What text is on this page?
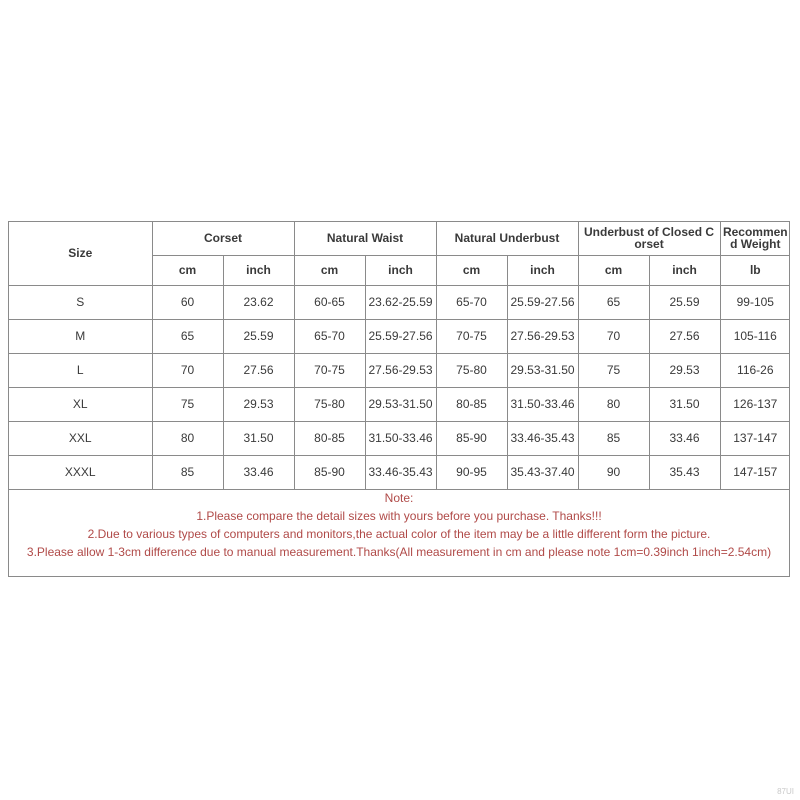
Size	Corset		Natural Waist		Natural Underbust		Underbust of Closed Corset		Recommend Weight
	cm	inch	cm	inch	cm	inch	cm	inch	lb
S	60	23.62	60-65	23.62-25.59	65-70	25.59-27.56	65	25.59	99-105
M	65	25.59	65-70	25.59-27.56	70-75	27.56-29.53	70	27.56	105-116
L	70	27.56	70-75	27.56-29.53	75-80	29.53-31.50	75	29.53	116-26
XL	75	29.53	75-80	29.53-31.50	80-85	31.50-33.46	80	31.50	126-137
XXL	80	31.50	80-85	31.50-33.46	85-90	33.46-35.43	85	33.46	137-147
XXXL	85	33.46	85-90	33.46-35.43	90-95	35.43-37.40	90	35.43	147-157
Note:
1.Please compare the detail sizes with yours before you purchase. Thanks!!!
2.Due to various types of computers and monitors,the actual color of the item may be a little different form the picture.
3.Please allow 1-3cm difference due to manual measurement.Thanks(All measurement in cm and please note 1cm=0.39inch 1inch=2.54cm)
87UI
